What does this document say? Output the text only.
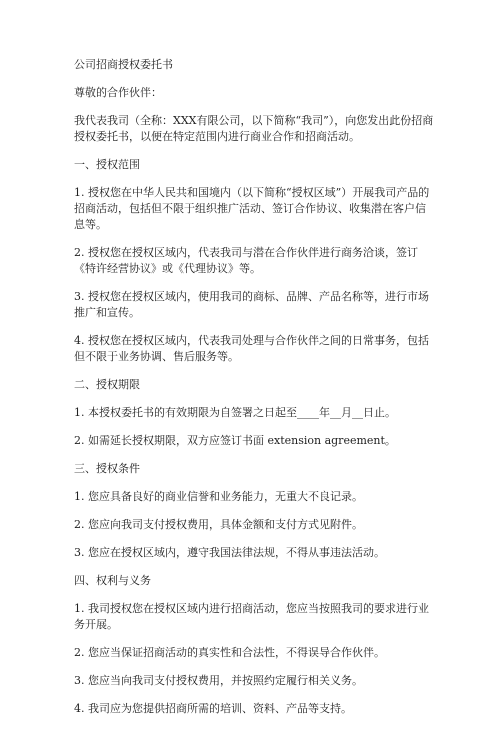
公司招商授权委托书

尊敬的合作伙伴：

我代表我司（全称：XXX有限公司，以下简称“我司”），向您发出此份招商授权委托书，以便在特定范围内进行商业合作和招商活动。

一、授权范围

1. 授权您在中华人民共和国境内（以下简称“授权区域”）开展我司产品的招商活动，包括但不限于组织推广活动、签订合作协议、收集潜在客户信息等。

2. 授权您在授权区域内，代表我司与潜在合作伙伴进行商务洽谈，签订《特许经营协议》或《代理协议》等。

3. 授权您在授权区域内，使用我司的商标、品牌、产品名称等，进行市场推广和宣传。

4. 授权您在授权区域内，代表我司处理与合作伙伴之间的日常事务，包括但不限于业务协调、售后服务等。

二、授权期限

1. 本授权委托书的有效期限为自签署之日起至____年__月__日止。

2. 如需延长授权期限，双方应签订书面 extension agreement。

三、授权条件

1. 您应具备良好的商业信誉和业务能力，无重大不良记录。

2. 您应向我司支付授权费用，具体金额和支付方式见附件。

3. 您应在授权区域内，遵守我国法律法规，不得从事违法活动。

四、权利与义务

1. 我司授权您在授权区域内进行招商活动，您应当按照我司的要求进行业务开展。

2. 您应当保证招商活动的真实性和合法性，不得误导合作伙伴。

3. 您应当向我司支付授权费用，并按照约定履行相关义务。

4. 我司应为您提供招商所需的培训、资料、产品等支持。
